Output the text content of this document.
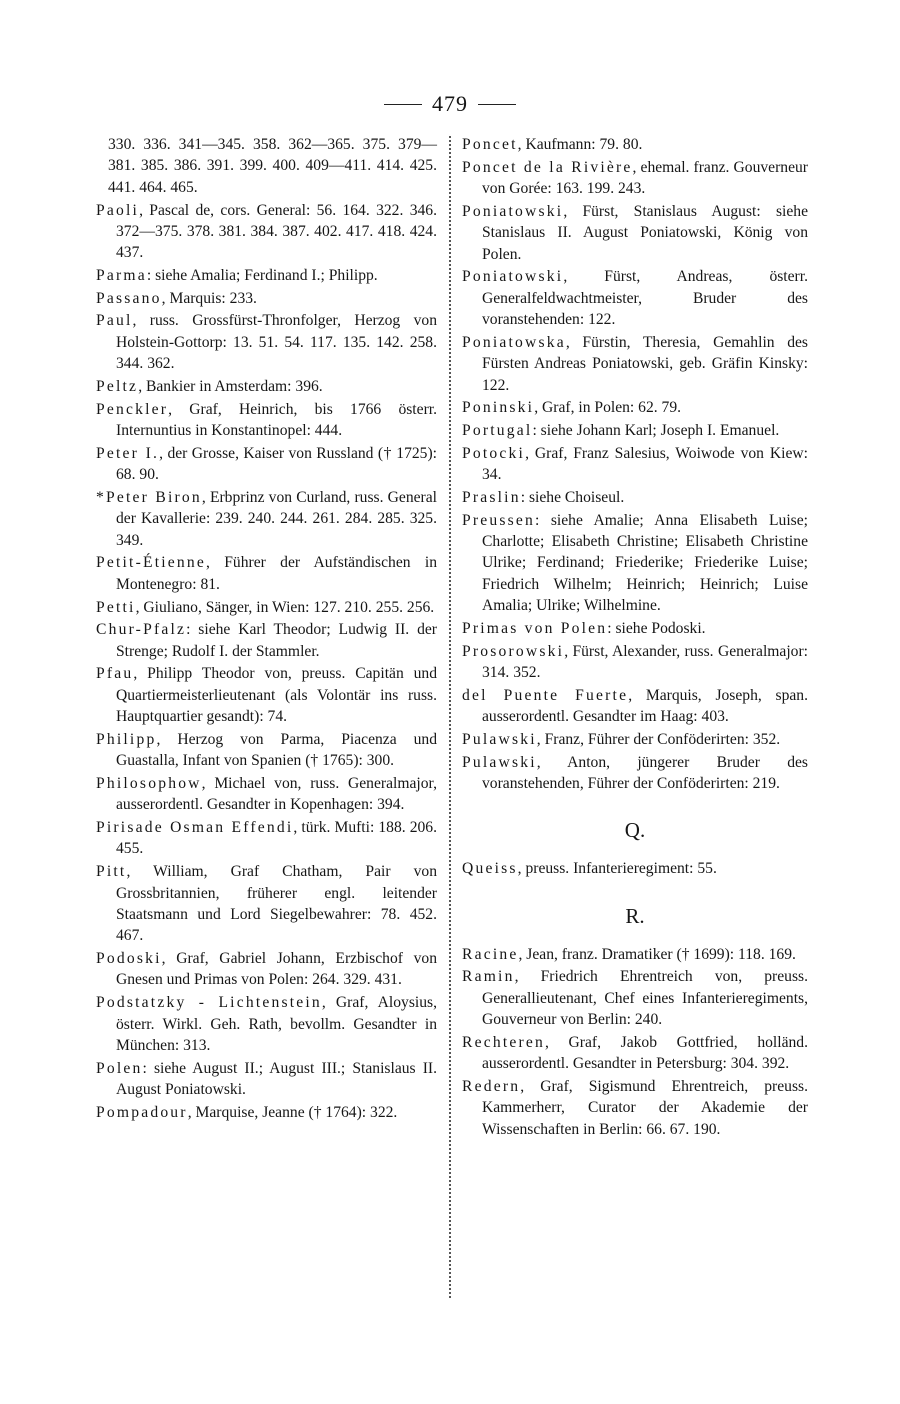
479

330. 336. 341—345. 358. 362—365. 375. 379—381. 385. 386. 391. 399. 400. 409—411. 414. 425. 441. 464. 465.

Paoli, Pascal de, cors. General: 56. 164. 322. 346. 372—375. 378. 381. 384. 387. 402. 417. 418. 424. 437.

Parma: siehe Amalia; Ferdinand I.; Philipp.

Passano, Marquis: 233.

Paul, russ. Grossfürst-Thronfolger, Herzog von Holstein-Gottorp: 13. 51. 54. 117. 135. 142. 258. 344. 362.

Peltz, Bankier in Amsterdam: 396.

Penckler, Graf, Heinrich, bis 1766 österr. Internuntius in Konstantinopel: 444.

Peter I., der Grosse, Kaiser von Russland († 1725): 68. 90.

*Peter Biron, Erbprinz von Curland, russ. General der Kavallerie: 239. 240. 244. 261. 284. 285. 325. 349.

Petit-Étienne, Führer der Aufständischen in Montenegro: 81.

Petti, Giuliano, Sänger, in Wien: 127. 210. 255. 256.

Chur-Pfalz: siehe Karl Theodor; Ludwig II. der Strenge; Rudolf I. der Stammler.

Pfau, Philipp Theodor von, preuss. Capitän und Quartiermeisterlieutenant (als Volontär ins russ. Hauptquartier gesandt): 74.

Philipp, Herzog von Parma, Piacenza und Guastalla, Infant von Spanien († 1765): 300.

Philosophow, Michael von, russ. Generalmajor, ausserordentl. Gesandter in Kopenhagen: 394.

Pirisade Osman Effendi, türk. Mufti: 188. 206. 455.

Pitt, William, Graf Chatham, Pair von Grossbritannien, früherer engl. leitender Staatsmann und Lord Siegelbewahrer: 78. 452. 467.

Podoski, Graf, Gabriel Johann, Erzbischof von Gnesen und Primas von Polen: 264. 329. 431.

Podstatzky - Lichtenstein, Graf, Aloysius, österr. Wirkl. Geh. Rath, bevollm. Gesandter in München: 313.

Polen: siehe August II.; August III.; Stanislaus II. August Poniatowski.

Pompadour, Marquise, Jeanne († 1764): 322.

Poncet, Kaufmann: 79. 80.

Poncet de la Rivière, ehemal. franz. Gouverneur von Gorée: 163. 199. 243.

Poniatowski, Fürst, Stanislaus August: siehe Stanislaus II. August Poniatowski, König von Polen.

Poniatowski, Fürst, Andreas, österr. Generalfeldwachtmeister, Bruder des voranstehenden: 122.

Poniatowska, Fürstin, Theresia, Gemahlin des Fürsten Andreas Poniatowski, geb. Gräfin Kinsky: 122.

Poninski, Graf, in Polen: 62. 79.

Portugal: siehe Johann Karl; Joseph I. Emanuel.

Potocki, Graf, Franz Salesius, Woiwode von Kiew: 34.

Praslin: siehe Choiseul.

Preussen: siehe Amalie; Anna Elisabeth Luise; Charlotte; Elisabeth Christine; Elisabeth Christine Ulrike; Ferdinand; Friederike; Friederike Luise; Friedrich Wilhelm; Heinrich; Heinrich; Luise Amalia; Ulrike; Wilhelmine.

Primas von Polen: siehe Podoski.

Prosorowski, Fürst, Alexander, russ. Generalmajor: 314. 352.

del Puente Fuerte, Marquis, Joseph, span. ausserordentl. Gesandter im Haag: 403.

Pulawski, Franz, Führer der Conföderirten: 352.

Pulawski, Anton, jüngerer Bruder des voranstehenden, Führer der Conföderirten: 219.

Q.

Queiss, preuss. Infanterieregiment: 55.

R.

Racine, Jean, franz. Dramatiker († 1699): 118. 169.

Ramin, Friedrich Ehrentreich von, preuss. Generallieutenant, Chef eines Infanterieregiments, Gouverneur von Berlin: 240.

Rechteren, Graf, Jakob Gottfried, holländ. ausserordentl. Gesandter in Petersburg: 304. 392.

Redern, Graf, Sigismund Ehrentreich, preuss. Kammerherr, Curator der Akademie der Wissenschaften in Berlin: 66. 67. 190.
